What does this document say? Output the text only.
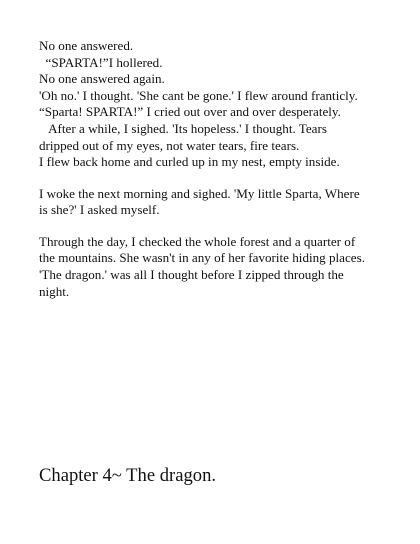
No one answered.
“SPARTA!”I hollered.
No one answered again.
'Oh no.' I thought. 'She cant be gone.' I flew around franticly.
“Sparta! SPARTA!” I cried out over and over desperately.
After a while, I sighed. 'Its hopeless.' I thought. Tears
dripped out of my eyes, not water tears, fire tears.
I flew back home and curled up in my nest, empty inside.
I woke the next morning and sighed. 'My little Sparta, Where
is she?' I asked myself.
Through the day, I checked the whole forest and a quarter of
the mountains. She wasn't in any of her favorite hiding places.
'The dragon.' was all I thought before I zipped through the
night.
Chapter 4~ The dragon.
